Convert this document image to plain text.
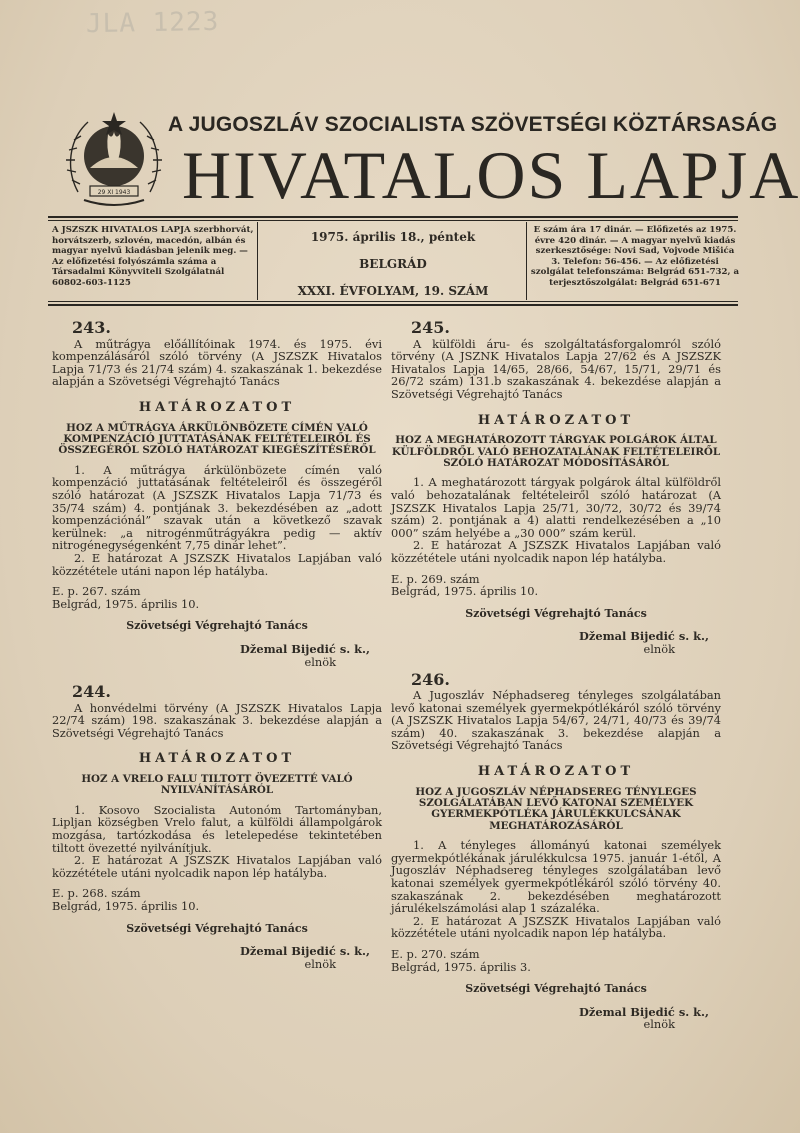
JLA 1223
29 XI 1943
A JUGOSZLÁV SZOCIALISTA SZÖVETSÉGI KÖZTÁRSASÁG
HIVATALOS LAPJA
A JSZSZK HIVATALOS LAPJA szerbhorvát, horvátszerb, szlovén, macedón, albán és magyar nyelvű kiadásban jelenik meg. — Az előfizetési folyószámla száma a Társadalmi Könyvviteli Szolgálatnál 60802-603-1125
1975. április 18., péntek
BELGRÁD
XXXI. ÉVFOLYAM, 19. SZÁM
E szám ára 17 dinár. — Előfizetés az 1975. évre 420 dinár. — A magyar nyelvű kiadás szerkesztősége: Novi Sad, Vojvode Mišića 3. Telefon: 56-456. — Az előfizetési szolgálat telefonszáma: Belgrád 651-732, a terjesztőszolgálat: Belgrád 651-671
243.

A műtrágya előállítóinak 1974. és 1975. évi kompenzálásáról szóló törvény (A JSZSZK Hivatalos Lapja 71/73 és 21/74 szám) 4. szakaszának 1. bekezdése alapján a Szövetségi Végrehajtó Tanács

HATÁROZATOT
HOZ A MŰTRÁGYA ÁRKÜLÖNBÖZETE CÍMÉN VALÓ KOMPENZÁCIÓ JUTTATÁSÁNAK FELTÉTELEIRŐL ÉS ÖSSZEGÉRŐL SZÓLÓ HATÁROZAT KIEGÉSZÍTÉSÉRŐL

1. A műtrágya árkülönbözete címén való kompenzáció juttatásának feltételeiről és összegéről szóló határozat (A JSZSZK Hivatalos Lapja 71/73 és 35/74 szám) 4. pontjának 3. bekezdésében az „adott kompenzációnál” szavak után a következő szavak kerülnek: „a nitrogénműtrágyákra pedig — aktív nitrogénegységenként 7,75 dinár lehet”.

2. E határozat A JSZSZK Hivatalos Lapjában való közzététele utáni napon lép hatályba.

E. p. 267. szám

Belgrád, 1975. április 10.

Szövetségi Végrehajtó Tanács
Džemal Bijedić s. k.,
elnök
244.

A honvédelmi törvény (A JSZSZK Hivatalos Lapja 22/74 szám) 198. szakaszának 3. bekezdése alapján a Szövetségi Végrehajtó Tanács

HATÁROZATOT
HOZ A VRELO FALU TILTOTT ÖVEZETTÉ VALÓ NYILVÁNÍTÁSÁRÓL

1. Kosovo Szocialista Autonóm Tartományban, Lipljan községben Vrelo falut, a külföldi állampolgárok mozgása, tartózkodása és letelepedése tekintetében tiltott övezetté nyilvánítjuk.

2. E határozat A JSZSZK Hivatalos Lapjában való közzététele utáni nyolcadik napon lép hatályba.

E. p. 268. szám

Belgrád, 1975. április 10.

Szövetségi Végrehajtó Tanács
Džemal Bijedić s. k.,
elnök
245.

A külföldi áru- és szolgáltatásforgalomról szóló törvény (A JSZNK Hivatalos Lapja 27/62 és A JSZSZK Hivatalos Lapja 14/65, 28/66, 54/67, 15/71, 29/71 és 26/72 szám) 131.b szakaszának 4. bekezdése alapján a Szövetségi Végrehajtó Tanács

HATÁROZATOT
HOZ A MEGHATÁROZOTT TÁRGYAK POLGÁROK ÁLTAL KÜLFÖLDRŐL VALÓ BEHOZATALÁNAK FELTÉTELEIRŐL SZÓLÓ HATÁROZAT MÓDOSÍTÁSÁRÓL

1. A meghatározott tárgyak polgárok által külföldről való behozatalának feltételeiről szóló határozat (A JSZSZK Hivatalos Lapja 25/71, 30/72, 30/72 és 39/74 szám) 2. pontjának a 4) alatti rendelkezésében a „10 000” szám helyébe a „30 000” szám kerül.

2. E határozat A JSZSZK Hivatalos Lapjában való közzététele utáni nyolcadik napon lép hatályba.

E. p. 269. szám

Belgrád, 1975. április 10.

Szövetségi Végrehajtó Tanács
Džemal Bijedić s. k.,
elnök
246.

A Jugoszláv Néphadsereg tényleges szolgálatában levő katonai személyek gyermekpótlékáról szóló törvény (A JSZSZK Hivatalos Lapja 54/67, 24/71, 40/73 és 39/74 szám) 40. szakaszának 3. bekezdése alapján a Szövetségi Végrehajtó Tanács

HATÁROZATOT
HOZ A JUGOSZLÁV NÉPHADSEREG TÉNYLEGES SZOLGÁLATÁBAN LEVŐ KATONAI SZEMÉLYEK GYERMEKPÓTLÉKA JÁRULÉKKULCSÁNAK MEGHATÁROZÁSÁRÓL

1. A tényleges állományú katonai személyek gyermekpótlékának járulékkulcsa 1975. január 1-étől, A Jugoszláv Néphadsereg tényleges szolgálatában levő katonai személyek gyermekpótlékáról szóló törvény 40. szakaszának 2. bekezdésében meghatározott járulékelszámolási alap 1 százaléka.

2. E határozat A JSZSZK Hivatalos Lapjában való közzététele utáni nyolcadik napon lép hatályba.

E. p. 270. szám

Belgrád, 1975. április 3.

Szövetségi Végrehajtó Tanács
Džemal Bijedić s. k.,
elnök
